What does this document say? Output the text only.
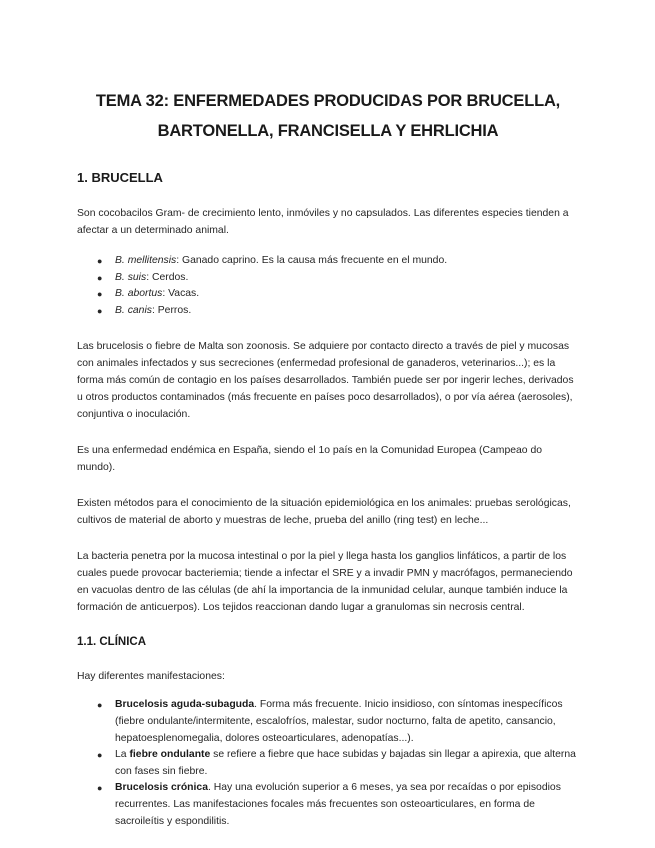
TEMA 32: ENFERMEDADES PRODUCIDAS POR BRUCELLA,
BARTONELLA, FRANCISELLA Y EHRLICHIA
1. BRUCELLA

Son cocobacilos Gram- de crecimiento lento, inmóviles y no capsulados. Las diferentes especies tienden a afectar a un determinado animal.

● B. mellitensis: Ganado caprino. Es la causa más frecuente en el mundo.
● B. suis: Cerdos.
● B. abortus: Vacas.
● B. canis: Perros.

Las brucelosis o fiebre de Malta son zoonosis. Se adquiere por contacto directo a través de piel y mucosas con animales infectados y sus secreciones (enfermedad profesional de ganaderos, veterinarios...); es la forma más común de contagio en los países desarrollados. También puede ser por ingerir leches, derivados u otros productos contaminados (más frecuente en países poco desarrollados), o por vía aérea (aerosoles), conjuntiva o inoculación.

Es una enfermedad endémica en España, siendo el 1o país en la Comunidad Europea (Campeao do mundo).

Existen métodos para el conocimiento de la situación epidemiológica en los animales: pruebas serológicas, cultivos de material de aborto y muestras de leche, prueba del anillo (ring test) en leche...

La bacteria penetra por la mucosa intestinal o por la piel y llega hasta los ganglios linfáticos, a partir de los cuales puede provocar bacteriemia; tiende a infectar el SRE y a invadir PMN y macrófagos, permaneciendo en vacuolas dentro de las células (de ahí la importancia de la inmunidad celular, aunque también induce la formación de anticuerpos). Los tejidos reaccionan dando lugar a granulomas sin necrosis central.

1.1. CLÍNICA

Hay diferentes manifestaciones:

● Brucelosis aguda-subaguda. Forma más frecuente. Inicio insidioso, con síntomas inespecíficos (fiebre ondulante/intermitente, escalofríos, malestar, sudor nocturno, falta de apetito, cansancio, hepatoesplenomegalia, dolores osteoarticulares, adenopatías...).
● La fiebre ondulante se refiere a fiebre que hace subidas y bajadas sin llegar a apirexia, que alterna con fases sin fiebre.
● Brucelosis crónica. Hay una evolución superior a 6 meses, ya sea por recaídas o por episodios recurrentes. Las manifestaciones focales más frecuentes son osteoarticulares, en forma de sacroileítis y espondilitis.
